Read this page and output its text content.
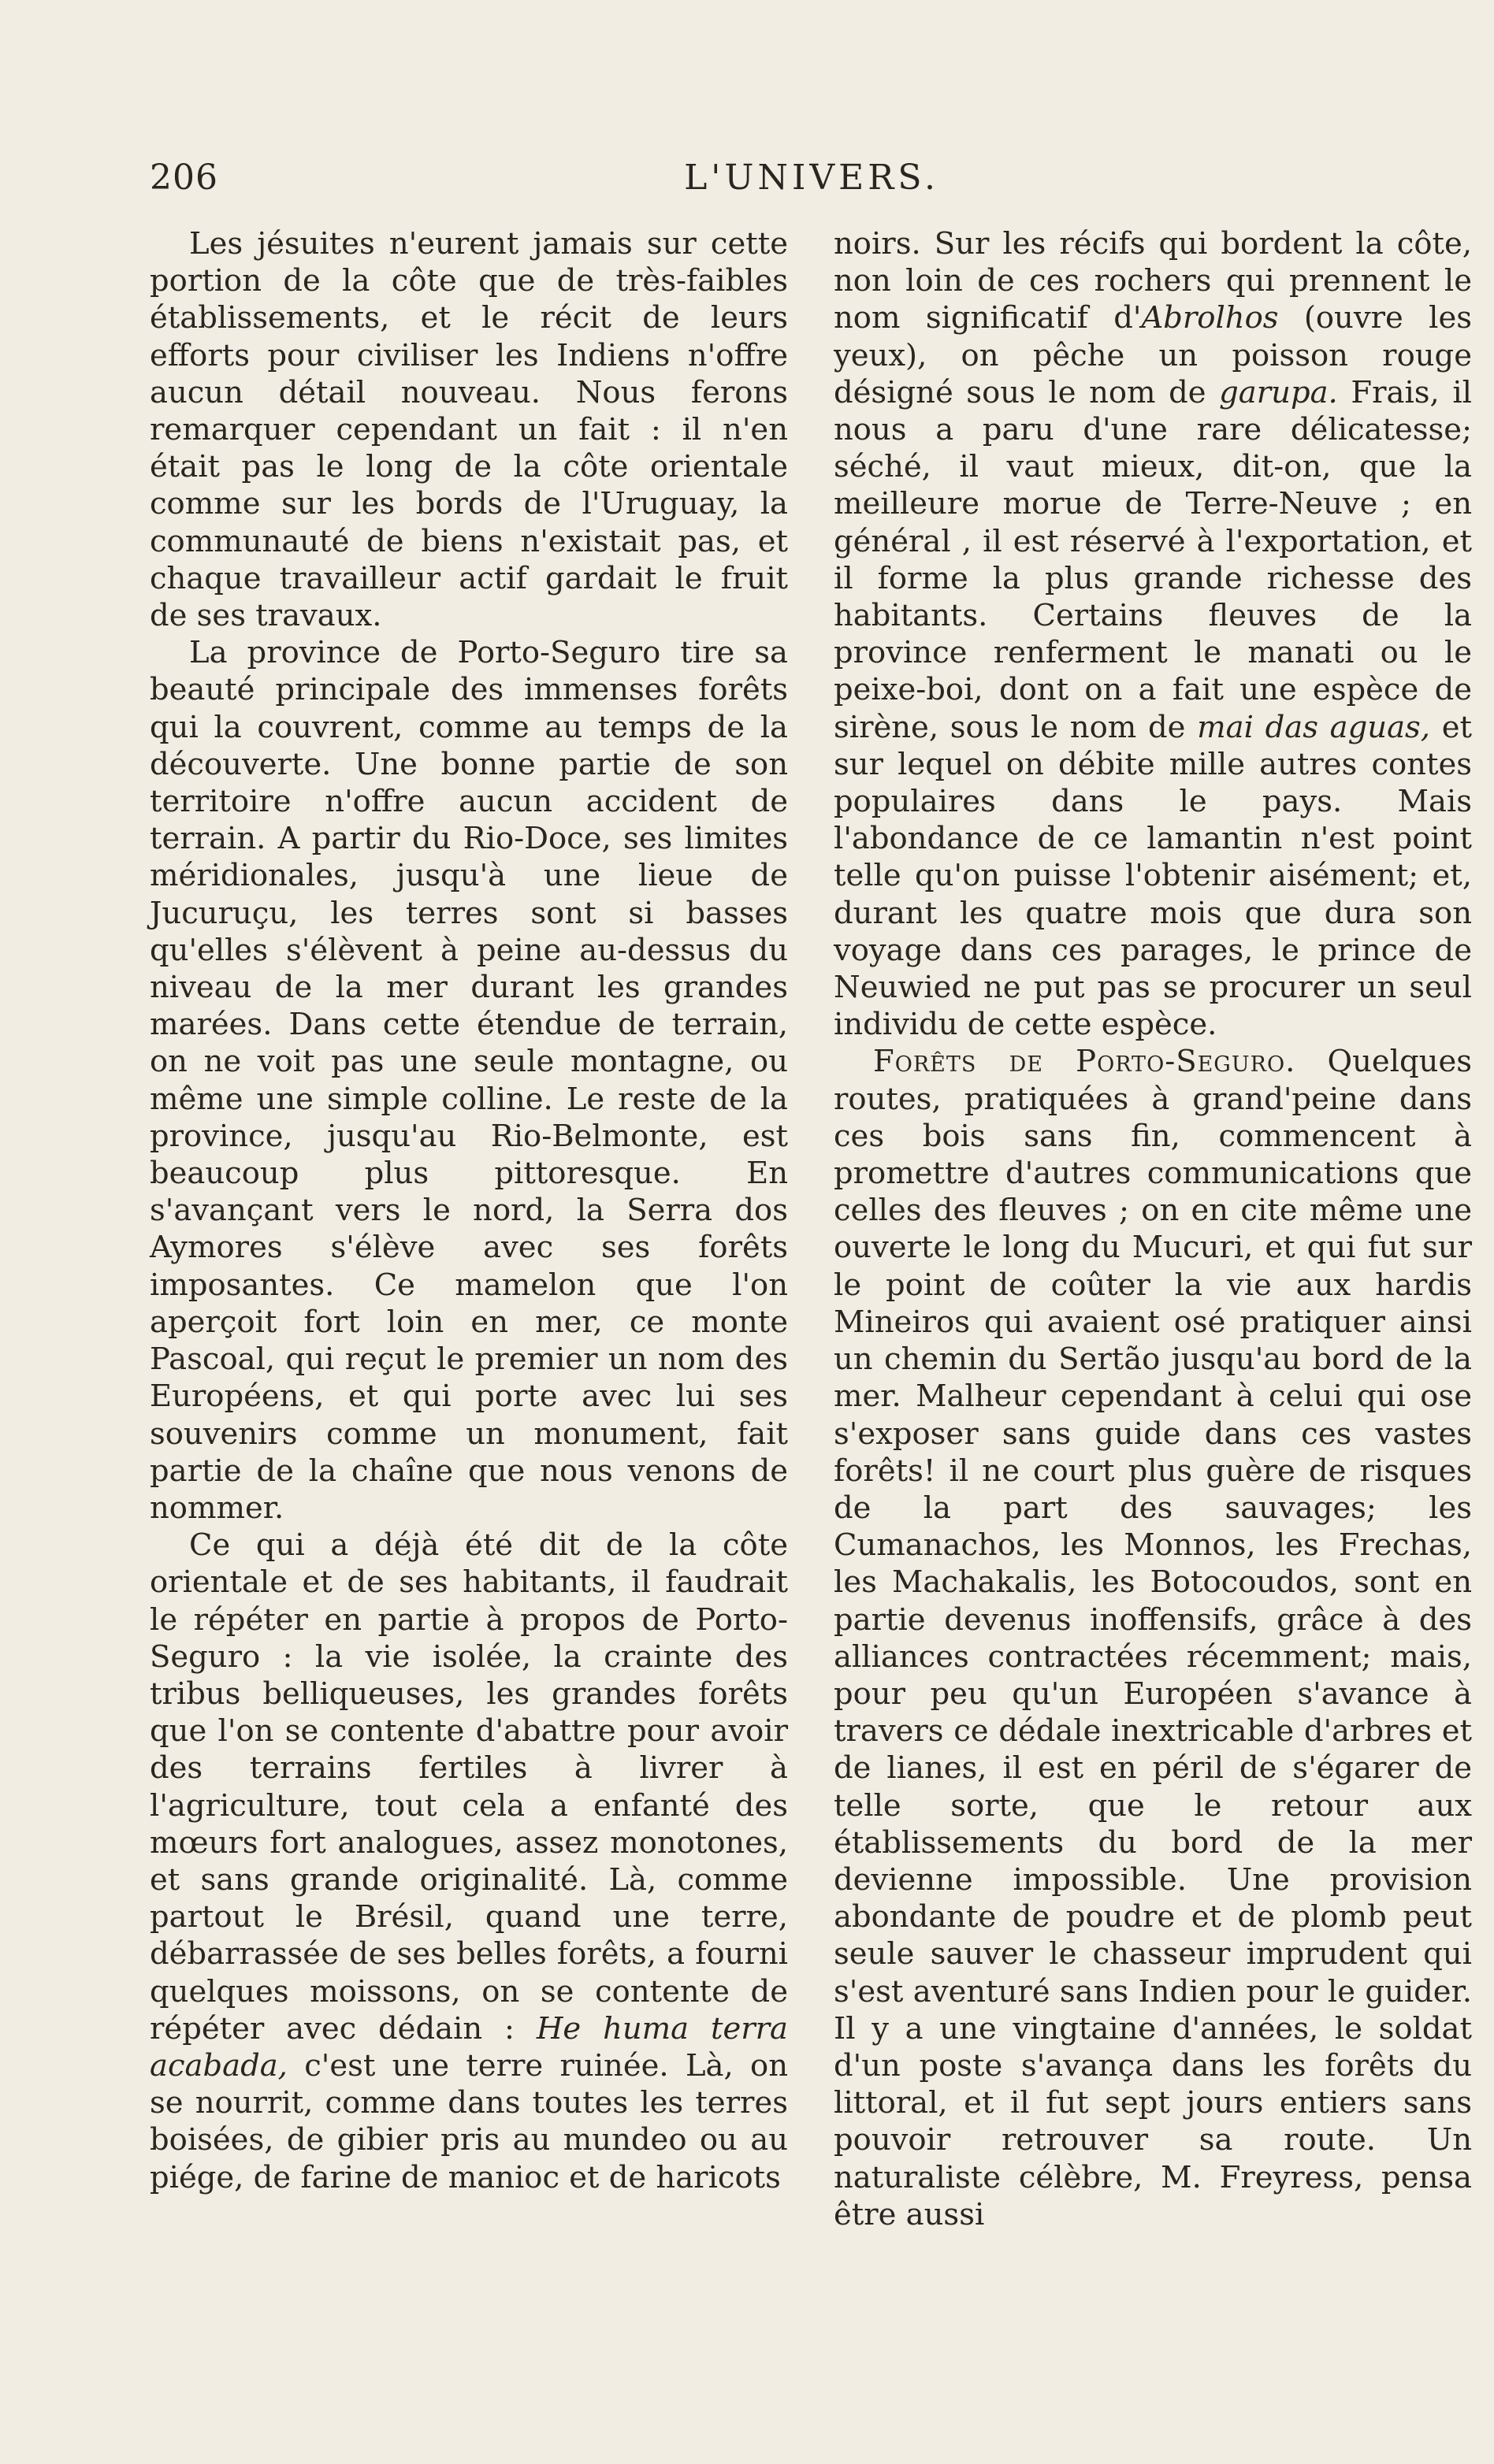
206	L'UNIVERS.

Les jésuites n'eurent jamais sur cette portion de la côte que de très-faibles établissements, et le récit de leurs efforts pour civiliser les Indiens n'offre aucun détail nouveau. Nous ferons remarquer cependant un fait : il n'en était pas le long de la côte orientale comme sur les bords de l'Uruguay, la communauté de biens n'existait pas, et chaque travailleur actif gardait le fruit de ses travaux.

La province de Porto-Seguro tire sa beauté principale des immenses forêts qui la couvrent, comme au temps de la découverte. Une bonne partie de son territoire n'offre aucun accident de terrain. A partir du Rio-Doce, ses limites méridionales, jusqu'à une lieue de Jucuruçu, les terres sont si basses qu'elles s'élèvent à peine au-dessus du niveau de la mer durant les grandes marées. Dans cette étendue de terrain, on ne voit pas une seule montagne, ou même une simple colline. Le reste de la province, jusqu'au Rio-Belmonte, est beaucoup plus pittoresque. En s'avançant vers le nord, la Serra dos Aymores s'élève avec ses forêts imposantes. Ce mamelon que l'on aperçoit fort loin en mer, ce monte Pascoal, qui reçut le premier un nom des Européens, et qui porte avec lui ses souvenirs comme un monument, fait partie de la chaîne que nous venons de nommer.

Ce qui a déjà été dit de la côte orientale et de ses habitants, il faudrait le répéter en partie à propos de Porto-Seguro : la vie isolée, la crainte des tribus belliqueuses, les grandes forêts que l'on se contente d'abattre pour avoir des terrains fertiles à livrer à l'agriculture, tout cela a enfanté des mœurs fort analogues, assez monotones, et sans grande originalité. Là, comme partout le Brésil, quand une terre, débarrassée de ses belles forêts, a fourni quelques moissons, on se contente de répéter avec dédain : He huma terra acabada, c'est une terre ruinée. Là, on se nourrit, comme dans toutes les terres boisées, de gibier pris au mundeo ou au piége, de farine de manioc et de haricots

noirs. Sur les récifs qui bordent la côte, non loin de ces rochers qui prennent le nom significatif d'Abrolhos (ouvre les yeux), on pêche un poisson rouge désigné sous le nom de garupa. Frais, il nous a paru d'une rare délicatesse; séché, il vaut mieux, dit-on, que la meilleure morue de Terre-Neuve ; en général , il est réservé à l'exportation, et il forme la plus grande richesse des habitants. Certains fleuves de la province renferment le manati ou le peixe-boi, dont on a fait une espèce de sirène, sous le nom de mai das aguas, et sur lequel on débite mille autres contes populaires dans le pays. Mais l'abondance de ce lamantin n'est point telle qu'on puisse l'obtenir aisément; et, durant les quatre mois que dura son voyage dans ces parages, le prince de Neuwied ne put pas se procurer un seul individu de cette espèce.

Forêts de Porto-Seguro. Quelques routes, pratiquées à grand'peine dans ces bois sans fin, commencent à promettre d'autres communications que celles des fleuves ; on en cite même une ouverte le long du Mucuri, et qui fut sur le point de coûter la vie aux hardis Mineiros qui avaient osé pratiquer ainsi un chemin du Sertão jusqu'au bord de la mer. Malheur cependant à celui qui ose s'exposer sans guide dans ces vastes forêts! il ne court plus guère de risques de la part des sauvages; les Cumanachos, les Monnos, les Frechas, les Machakalis, les Botocoudos, sont en partie devenus inoffensifs, grâce à des alliances contractées récemment; mais, pour peu qu'un Européen s'avance à travers ce dédale inextricable d'arbres et de lianes, il est en péril de s'égarer de telle sorte, que le retour aux établissements du bord de la mer devienne impossible. Une provision abondante de poudre et de plomb peut seule sauver le chasseur imprudent qui s'est aventuré sans Indien pour le guider. Il y a une vingtaine d'années, le soldat d'un poste s'avança dans les forêts du littoral, et il fut sept jours entiers sans pouvoir retrouver sa route. Un naturaliste célèbre, M. Freyress, pensa être aussi
